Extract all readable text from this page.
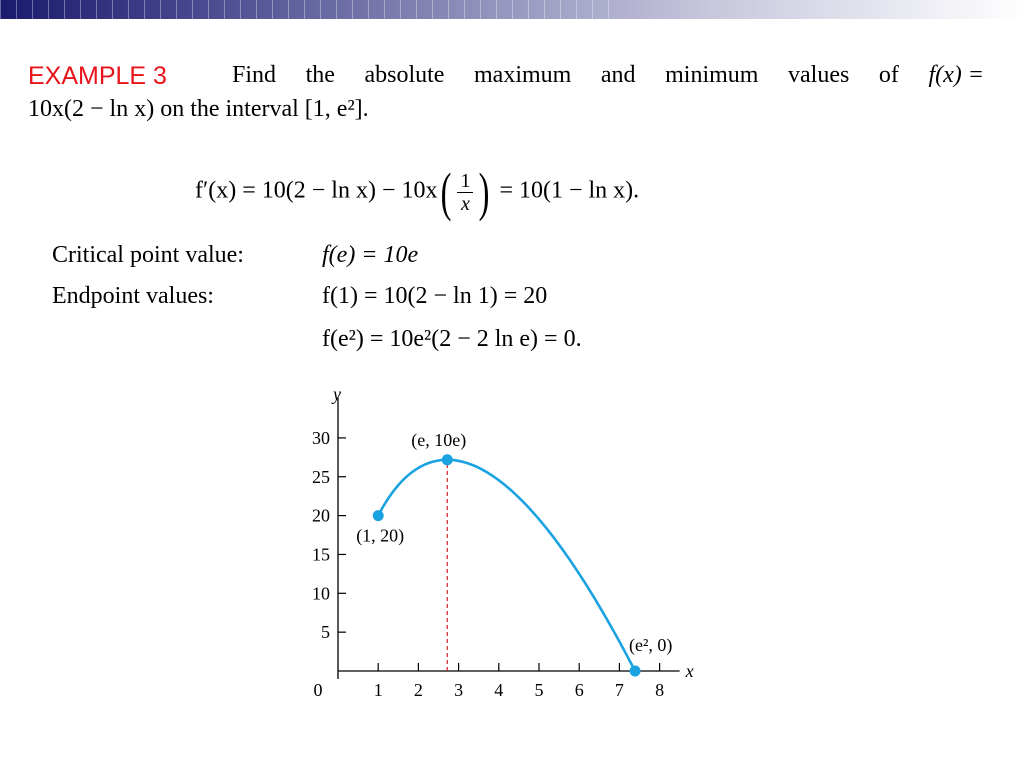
EXAMPLE 3	Find the absolute maximum and minimum values of f(x) =
10x(2 − ln x) on the interval [1, e²].
$f'(x) = 10(2 - \ln x) - 10x( \frac{1}{x}$ ) = 10(1 − ln x).
Critical point value:	f(e) = 10e
Endpoint values:	f(1) = 10(2 − ln 1) = 20
f(e²) = 10e²(2 − 2 ln e) = 0.
x
y
0	1 2 3 4 5 6 7 8
5
10
15
20
25
30
(1, 20)
(e, 10e)
(e², 0)
